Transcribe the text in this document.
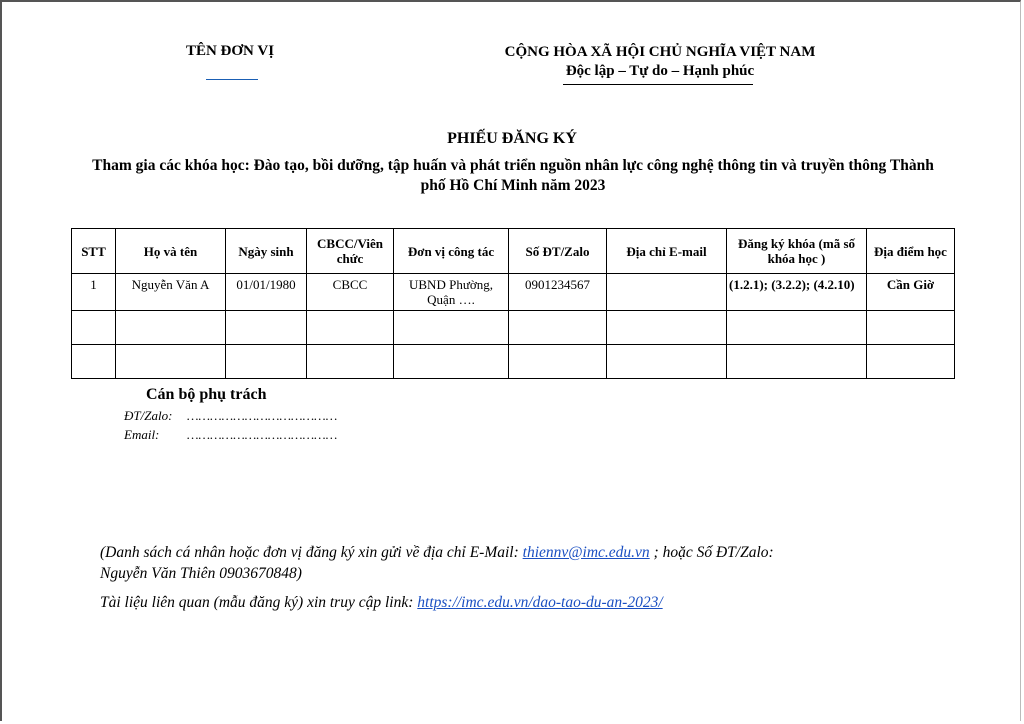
TÊN ĐƠN VỊ	CỘNG HÒA XÃ HỘI CHỦ NGHĨA VIỆT NAM
Độc lập – Tự do – Hạnh phúc
PHIẾU ĐĂNG KÝ
Tham gia các khóa học: Đào tạo, bồi dưỡng, tập huấn và phát triển nguồn nhân lực công nghệ thông tin và truyền thông Thành phố Hồ Chí Minh năm 2023
STT	Họ và tên	Ngày sinh	CBCC/Viên chức	Đơn vị công tác	Số ĐT/Zalo	Địa chỉ E-mail	Đăng ký khóa (mã số khóa học )	Địa điểm học
1	Nguyễn Văn A	01/01/1980	CBCC	UBND Phường, Quận ….	0901234567		(1.2.1); (3.2.2); (4.2.10)	Cần Giờ

Cán bộ phụ trách
ĐT/Zalo: …………………………………
Email: …………………………………
(Danh sách cá nhân hoặc đơn vị đăng ký xin gửi về địa chỉ E-Mail: thiennv@imc.edu.vn ; hoặc Số ĐT/Zalo:
Nguyễn Văn Thiên 0903670848)
Tài liệu liên quan (mẫu đăng ký) xin truy cập link: https://imc.edu.vn/dao-tao-du-an-2023/
